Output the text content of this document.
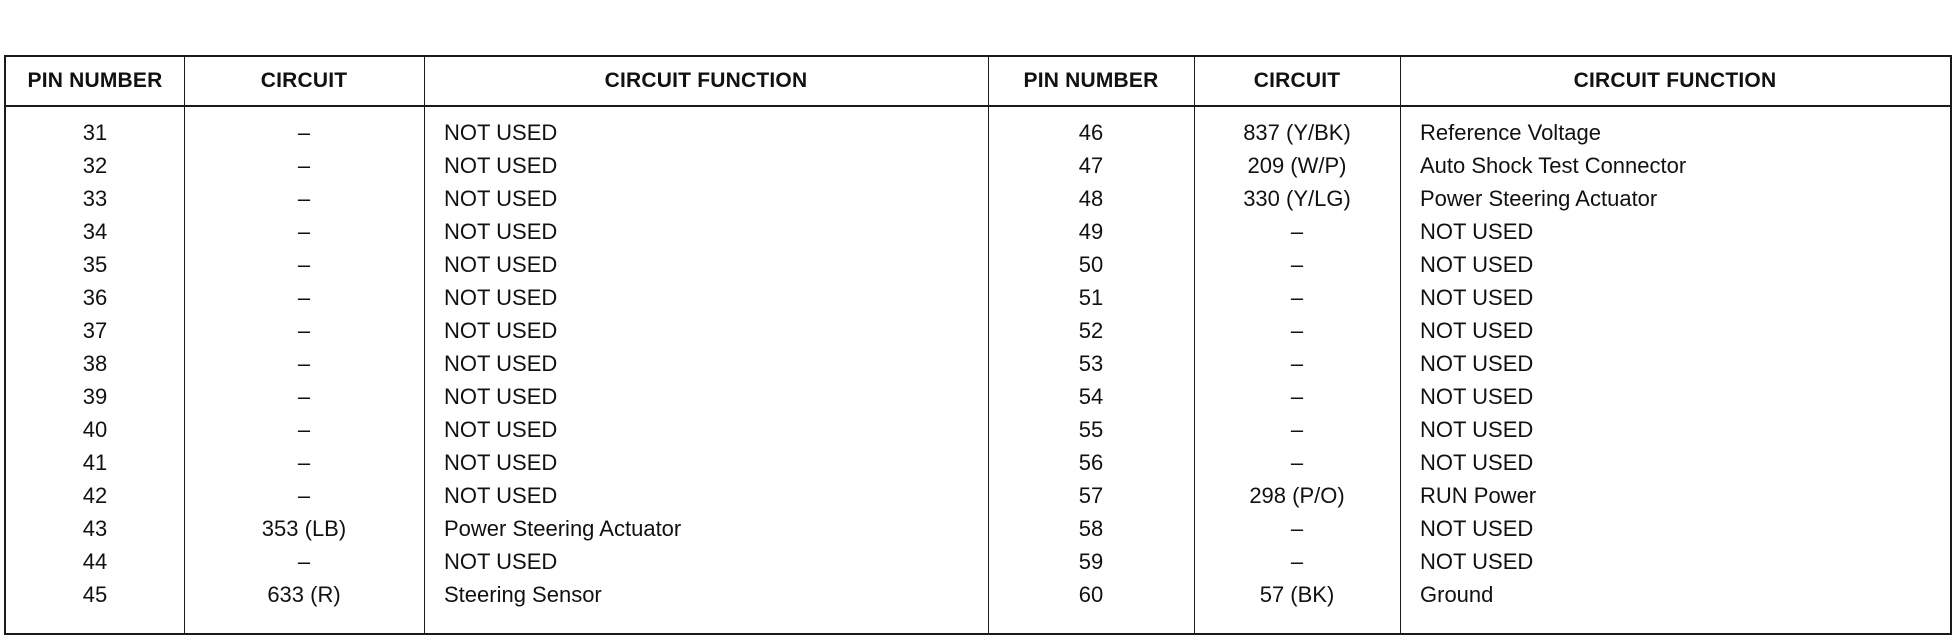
PIN NUMBER	CIRCUIT	CIRCUIT FUNCTION	PIN NUMBER	CIRCUIT	CIRCUIT FUNCTION
31	–	NOT USED	46	837 (Y/BK)	Reference Voltage
32	–	NOT USED	47	209 (W/P)	Auto Shock Test Connector
33	–	NOT USED	48	330 (Y/LG)	Power Steering Actuator
34	–	NOT USED	49	–	NOT USED
35	–	NOT USED	50	–	NOT USED
36	–	NOT USED	51	–	NOT USED
37	–	NOT USED	52	–	NOT USED
38	–	NOT USED	53	–	NOT USED
39	–	NOT USED	54	–	NOT USED
40	–	NOT USED	55	–	NOT USED
41	–	NOT USED	56	–	NOT USED
42	–	NOT USED	57	298 (P/O)	RUN Power
43	353 (LB)	Power Steering Actuator	58	–	NOT USED
44	–	NOT USED	59	–	NOT USED
45	633 (R)	Steering Sensor	60	57 (BK)	Ground
